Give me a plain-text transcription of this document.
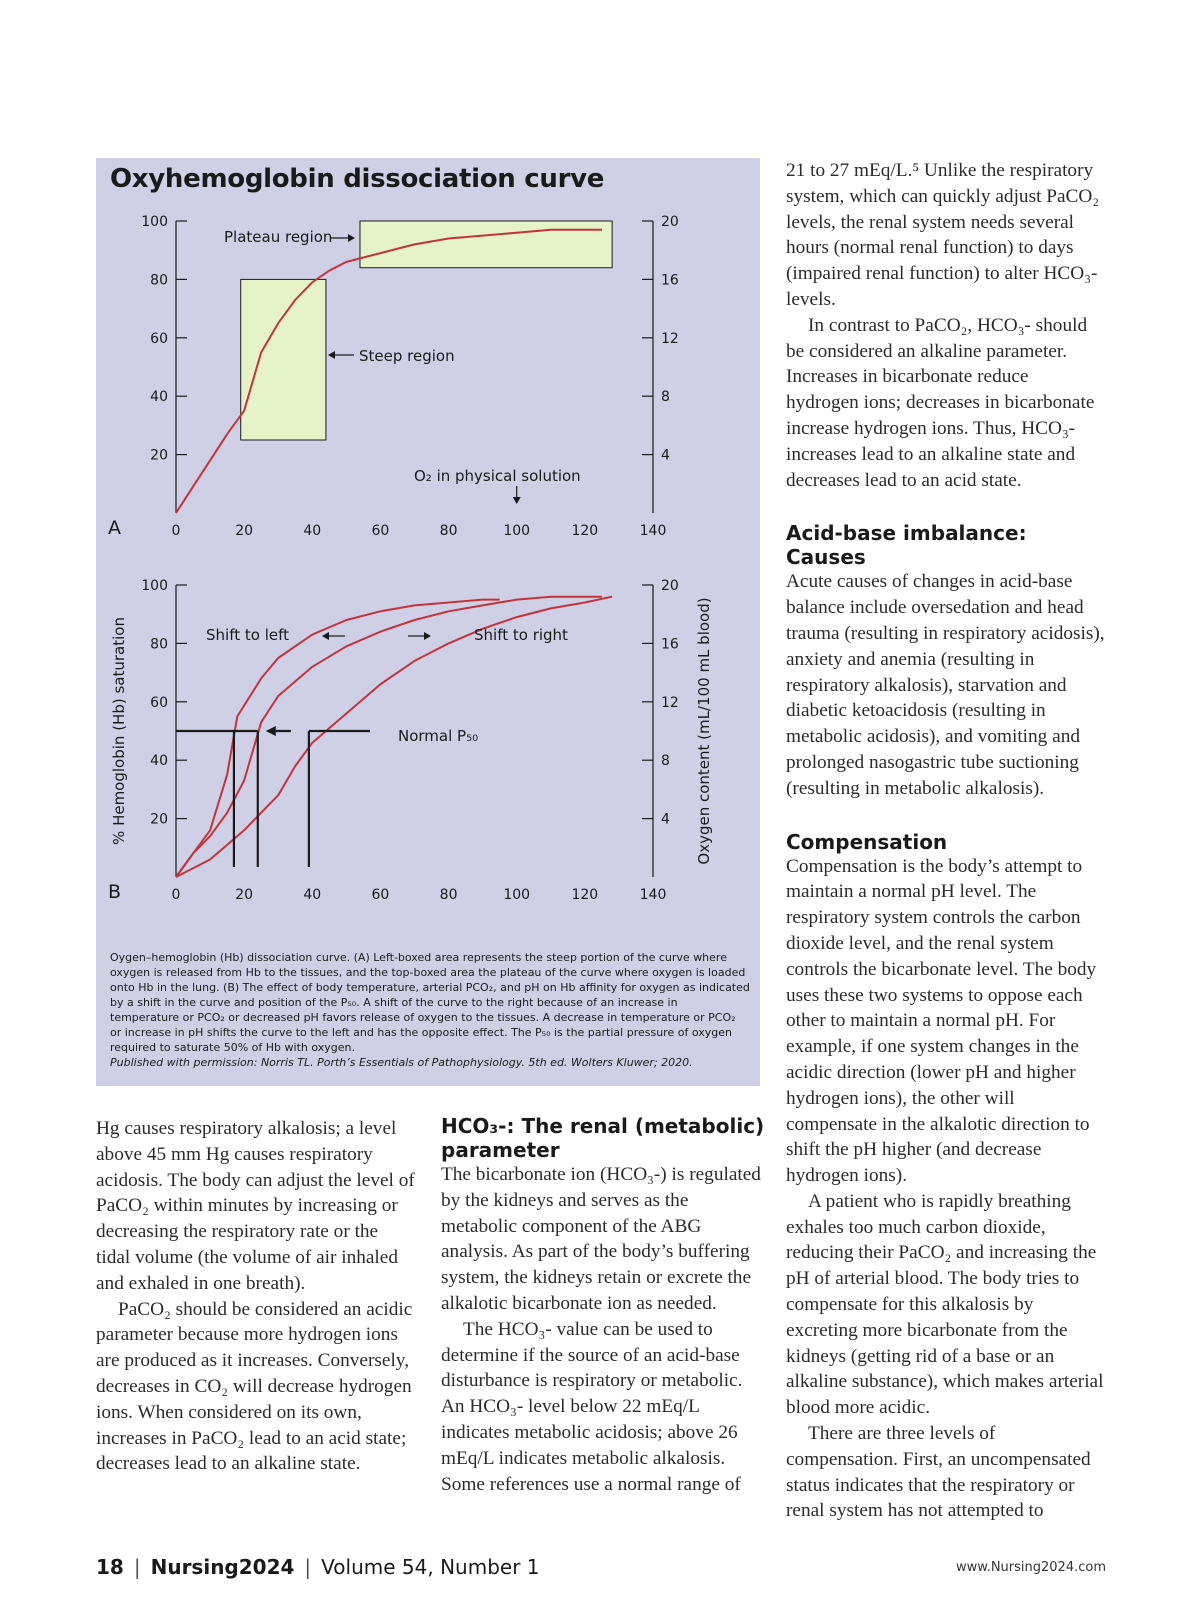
Oxyhemoglobin dissociation curve
20
40
60
80
100
4
8
12
16
20
0	20	40	60	80	100	120	140
A
20
40
60
80
100
4
8
12
16
20
0	20	40	60	80	100	120	140
B
Plateau region
Steep region
O₂ in physical solution
Normal P₅₀
Shift to left	Shift to right
% Hemoglobin (Hb) saturation	Oxygen content (mL/100 mL blood)
Oygen–hemoglobin (Hb) dissociation curve. (A) Left-boxed area represents the steep portion of the curve where oxygen is released from Hb to the tissues, and the top-boxed area the plateau of the curve where oxygen is loaded onto Hb in the lung. (B) The effect of body temperature, arterial PCO₂, and pH on Hb affinity for oxygen as indicated by a shift in the curve and position of the P₅₀. A shift of the curve to the right because of an increase in temperature or PCO₂ or decreased pH favors release of oxygen to the tissues. A decrease in temperature or PCO₂ or increase in pH shifts the curve to the left and has the opposite effect. The P₅₀ is the partial pressure of oxygen required to saturate 50% of Hb with oxygen.
Published with permission: Norris TL. Porth’s Essentials of Pathophysiology. 5th ed. Wolters Kluwer; 2020.

Hg causes respiratory alkalosis; a level above 45 mm Hg causes respiratory acidosis. The body can adjust the level of PaCO₂ within minutes by increasing or decreasing the respiratory rate or the tidal volume (the volume of air inhaled and exhaled in one breath).

PaCO₂ should be considered an acidic parameter because more hydrogen ions are produced as it increases. Conversely, decreases in CO₂ will decrease hydrogen ions. When considered on its own, increases in PaCO₂ lead to an acid state; decreases lead to an alkaline state.

HCO₃-: The renal (metabolic) parameter

The bicarbonate ion (HCO₃-) is regulated by the kidneys and serves as the metabolic component of the ABG analysis. As part of the body’s buffering system, the kidneys retain or excrete the alkalotic bicarbonate ion as needed.

The HCO₃- value can be used to determine if the source of an acid-base disturbance is respiratory or metabolic. An HCO₃- level below 22 mEq/L indicates metabolic acidosis; above 26 mEq/L indicates metabolic alkalosis. Some references use a normal range of

21 to 27 mEq/L.⁵ Unlike the respiratory system, which can quickly adjust PaCO₂ levels, the renal system needs several hours (normal renal function) to days (impaired renal function) to alter HCO₃- levels.

In contrast to PaCO₂, HCO₃- should be considered an alkaline parameter. Increases in bicarbonate reduce hydrogen ions; decreases in bicarbonate increase hydrogen ions. Thus, HCO₃- increases lead to an alkaline state and decreases lead to an acid state.

Acid-base imbalance: Causes

Acute causes of changes in acid-base balance include oversedation and head trauma (resulting in respiratory acidosis), anxiety and anemia (resulting in respiratory alkalosis), starvation and diabetic ketoacidosis (resulting in metabolic acidosis), and vomiting and prolonged nasogastric tube suctioning (resulting in metabolic alkalosis).

Compensation

Compensation is the body’s attempt to maintain a normal pH level. The respiratory system controls the carbon dioxide level, and the renal system controls the bicarbonate level. The body uses these two systems to oppose each other to maintain a normal pH. For example, if one system changes in the acidic direction (lower pH and higher hydrogen ions), the other will compensate in the alkalotic direction to shift the pH higher (and decrease hydrogen ions).

A patient who is rapidly breathing exhales too much carbon dioxide, reducing their PaCO₂ and increasing the pH of arterial blood. The body tries to compensate for this alkalosis by excreting more bicarbonate from the kidneys (getting rid of a base or an alkaline substance), which makes arterial blood more acidic.

There are three levels of compensation. First, an uncompensated status indicates that the respiratory or renal system has not attempted to

18 | Nursing2024 | Volume 54, Number 1	www.Nursing2024.com
